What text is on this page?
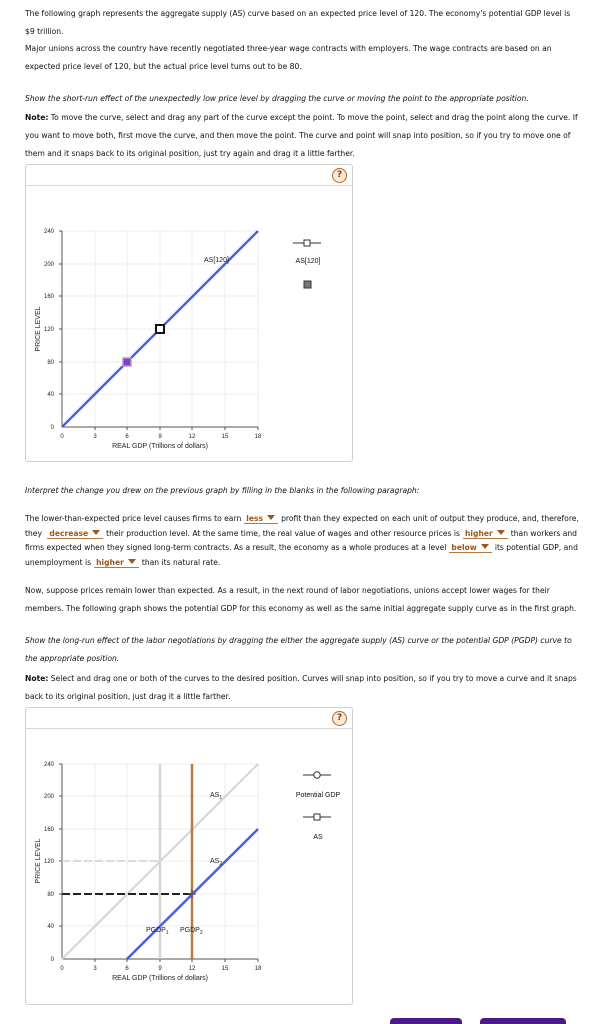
The following graph represents the aggregate supply (AS) curve based on an expected price level of 120. The economy's potential GDP level is $9 trillion.

Major unions across the country have recently negotiated three-year wage contracts with employers. The wage contracts are based on an expected price level of 120, but the actual price level turns out to be 80.

Show the short-run effect of the unexpectedly low price level by dragging the curve or moving the point to the appropriate position.

Note: To move the curve, select and drag any part of the curve except the point. To move the point, select and drag the point along the curve. If you want to move both, first move the curve, and then move the point. The curve and point will snap into position, so if you try to move one of them and it snaps back to its original position, just try again and drag it a little farther.

?
240
200
160
120
80
40
0
0	3	6	9	12	15	18
REAL GDP (Trillions of dollars)
PRICE LEVEL
AS[120]	AS[120]

Interpret the change you drew on the previous graph by filling in the blanks in the following paragraph:

The lower-than-expected price level causes firms to earn less profit than they expected on each unit of output they produce, and, therefore, they decrease their production level. At the same time, the real value of wages and other resource prices is higher than workers and firms expected when they signed long-term contracts. As a result, the economy as a whole produces at a level below its potential GDP, and unemployment is higher than its natural rate.

Now, suppose prices remain lower than expected. As a result, in the next round of labor negotiations, unions accept lower wages for their members. The following graph shows the potential GDP for this economy as well as the same initial aggregate supply curve as in the first graph.

Show the long-run effect of the labor negotiations by dragging the either the aggregate supply (AS) curve or the potential GDP (PGDP) curve to the appropriate position.

Note: Select and drag one or both of the curves to the desired position. Curves will snap into position, so if you try to move a curve and it snaps back to its original position, just drag it a little farther.

?
240
200
160
120
80
40
0
0	3	6	9	12	15	18
REAL GDP (Trillions of dollars)
PRICE LEVEL
$AS_1$
$AS_2$
$PGDP_1$ $PGDP_2$
Potential GDP
AS
